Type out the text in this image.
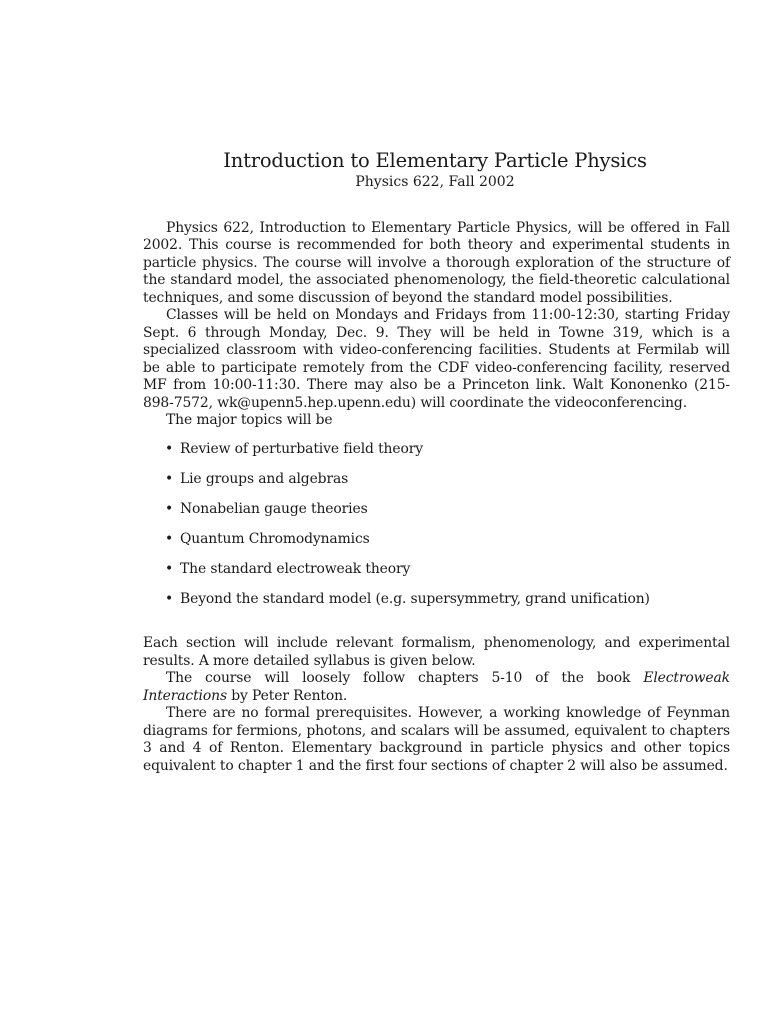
Introduction to Elementary Particle Physics
Physics 622, Fall 2002

Physics 622, Introduction to Elementary Particle Physics, will be offered in Fall 2002. This course is recommended for both theory and experimental students in particle physics. The course will involve a thorough exploration of the structure of the standard model, the associated phenomenology, the field-theoretic calculational techniques, and some discussion of beyond the standard model possibilities.

Classes will be held on Mondays and Fridays from 11:00-12:30, starting Friday Sept. 6 through Monday, Dec. 9. They will be held in Towne 319, which is a specialized classroom with video-conferencing facilities. Students at Fermilab will be able to participate remotely from the CDF video-conferencing facility, reserved MF from 10:00-11:30. There may also be a Princeton link. Walt Kononenko (215-898-7572, wk@upenn5.hep.upenn.edu) will coordinate the videoconferencing.

The major topics will be

• Review of perturbative field theory
• Lie groups and algebras
• Nonabelian gauge theories
• Quantum Chromodynamics
• The standard electroweak theory
• Beyond the standard model (e.g. supersymmetry, grand unification)

Each section will include relevant formalism, phenomenology, and experimental results. A more detailed syllabus is given below.

The course will loosely follow chapters 5-10 of the book Electroweak Interactions by Peter Renton.

There are no formal prerequisites. However, a working knowledge of Feynman diagrams for fermions, photons, and scalars will be assumed, equivalent to chapters 3 and 4 of Renton. Elementary background in particle physics and other topics equivalent to chapter 1 and the first four sections of chapter 2 will also be assumed.
